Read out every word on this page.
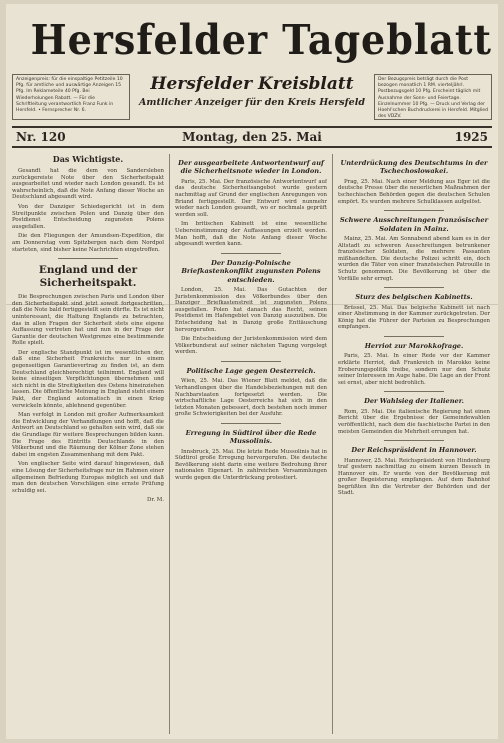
Hersfelder Tageblatt
Anzeigenpreis: für die einspaltige Petitzeile 10 Pfg. für amtliche und auswärtige Anzeigen 15 Pfg. Im Reklameteile 40 Pfg. Bei Wiederholungen Rabatt. — Für die Schriftleitung verantwortlich Franz Funk in Hersfeld. • Fernsprecher Nr. 6.
Hersfelder Kreisblatt
Amtlicher Anzeiger für den Kreis Hersfeld
Der Bezugspreis beträgt durch die Post bezogen monatlich 1 RM. vierteljährl. Postbezugsgeld 10 Pfg. Erscheint täglich mit Ausnahme der Sonn- und Feiertage. Einzelnummer 10 Pfg. — Druck und Verlag der Hoehl'schen Buchdruckerei in Hersfeld. Mitglied des VDZV.
Nr. 120	Montag, den 25. Mai	1925
Das Wichtigste.

Gesandt hat die dem von Sandersleben zurückgereiste Note über den Sicherheitspakt ausgearbeitet und wieder nach London gesandt. Es ist wahrscheinlich, daß die Note Anfang dieser Woche an Deutschland abgesandt wird.

Von der Danziger Schiedsgericht ist in dem Streitpunkte zwischen Polen und Danzig über den Postdienst Entscheidung zugunsten Polens ausgefallen.

Die den Fliegungen der Amundsen-Expedition, die am Donnerstag vom Spitzbergen nach dem Nordpol starteten, sind bisher keine Nachrichten eingetroffen.

England und der Sicherheitspakt.

Die Besprechungen zwischen Paris und London über den Sicherheitspakt sind jetzt soweit fortgeschritten, daß die Note bald fertiggestellt sein dürfte. Es ist nicht uninteressant, die Haltung Englands zu betrachten, das in allen Fragen der Sicherheit stets eine eigene Auffassung vertreten hat und nun in der Frage der Garantie der deutschen Westgrenze eine bestimmende Rolle spielt.

Der englische Standpunkt ist im wesentlichen der, daß eine Sicherheit Frankreichs nur in einem gegenseitigen Garantievertrag zu finden ist, an dem Deutschland gleichberechtigt teilnimmt. England will keine einseitigen Verpflichtungen übernehmen und sich nicht in die Streitigkeiten des Ostens hineinziehen lassen. Die öffentliche Meinung in England steht einem Pakt, der England automatisch in einen Krieg verwickeln könnte, ablehnend gegenüber.

Man verfolgt in London mit großer Aufmerksamkeit die Entwicklung der Verhandlungen und hofft, daß die Antwort an Deutschland so gehalten sein wird, daß sie die Grundlage für weitere Besprechungen bilden kann. Die Frage des Eintritts Deutschlands in den Völkerbund und die Räumung der Kölner Zone stehen dabei im engsten Zusammenhang mit dem Pakt.

Von englischer Seite wird darauf hingewiesen, daß eine Lösung der Sicherheitsfrage nur im Rahmen einer allgemeinen Befriedung Europas möglich sei und daß man den deutschen Vorschlägen eine ernste Prüfung schuldig sei.

Dr. M.
Der ausgearbeitete Antwortentwurf auf die Sicherheitsnote wieder in London.

Paris, 25. Mai. Der französische Antwortentwurf auf das deutsche Sicherheitsangebot wurde gestern nachmittag auf Grund der englischen Anregungen von Briand fertiggestellt. Der Entwurf wird nunmehr wieder nach London gesandt, wo er nochmals geprüft werden soll.

Im britischen Kabinett ist eine wesentliche Uebereinstimmung der Auffassungen erzielt worden. Man hofft, daß die Note Anfang dieser Woche abgesandt werden kann.

Der Danzig-Polnische Briefkastenkonflikt zugunsten Polens entschieden.

London, 25. Mai. Das Gutachten der Juristenkommission des Völkerbundes über den Danziger Briefkastenstreit ist zugunsten Polens ausgefallen. Polen hat danach das Recht, seinen Postdienst im Hafengebiet von Danzig auszuüben. Die Entscheidung hat in Danzig große Enttäuschung hervorgerufen.

Die Entscheidung der Juristenkommission wird dem Völkerbundsrat auf seiner nächsten Tagung vorgelegt werden.

Politische Lage gegen Oesterreich.

Wien, 25. Mai. Das Wiener Blatt meldet, daß die Verhandlungen über die Handelsbeziehungen mit den Nachbarstaaten fortgesetzt werden. Die wirtschaftliche Lage Oesterreichs hat sich in den letzten Monaten gebessert, doch bestehen noch immer große Schwierigkeiten bei der Ausfuhr.

Erregung in Südtirol über die Rede Mussolinis.

Innsbruck, 25. Mai. Die letzte Rede Mussolinis hat in Südtirol große Erregung hervorgerufen. Die deutsche Bevölkerung sieht darin eine weitere Bedrohung ihrer nationalen Eigenart. In zahlreichen Versammlungen wurde gegen die Unterdrückung protestiert.

Unterdrückung des Deutschtums in der Tschechoslowakei.

Prag, 25. Mai. Nach einer Meldung aus Eger ist die deutsche Presse über die neuerlichen Maßnahmen der tschechischen Behörden gegen die deutschen Schulen empört. Es wurden mehrere Schulklassen aufgelöst.

Schwere Ausschreitungen französischer Soldaten in Mainz.

Mainz, 25. Mai. Am Sonnabend abend kam es in der Altstadt zu schweren Ausschreitungen betrunkener französischer Soldaten, die mehrere Passanten mißhandelten. Die deutsche Polizei schritt ein, doch wurden die Täter von einer französischen Patrouille in Schutz genommen. Die Bevölkerung ist über die Vorfälle sehr erregt.

Sturz des belgischen Kabinetts.

Brüssel, 25. Mai. Das belgische Kabinett ist nach einer Abstimmung in der Kammer zurückgetreten. Der König hat die Führer der Parteien zu Besprechungen empfangen.

Herriot zur Marokkofrage.

Paris, 25. Mai. In einer Rede vor der Kammer erklärte Herriot, daß Frankreich in Marokko keine Eroberungspolitik treibe, sondern nur den Schutz seiner Interessen im Auge habe. Die Lage an der Front sei ernst, aber nicht bedrohlich.

Der Wahlsieg der Italiener.

Rom, 25. Mai. Die italienische Regierung hat einen Bericht über die Ergebnisse der Gemeindewahlen veröffentlicht, nach dem die faschistische Partei in den meisten Gemeinden die Mehrheit errungen hat.

Der Reichspräsident in Hannover.

Hannover, 25. Mai. Reichspräsident von Hindenburg traf gestern nachmittag zu einem kurzen Besuch in Hannover ein. Er wurde von der Bevölkerung mit großer Begeisterung empfangen. Auf dem Bahnhof begrüßten ihn die Vertreter der Behörden und der Stadt.
